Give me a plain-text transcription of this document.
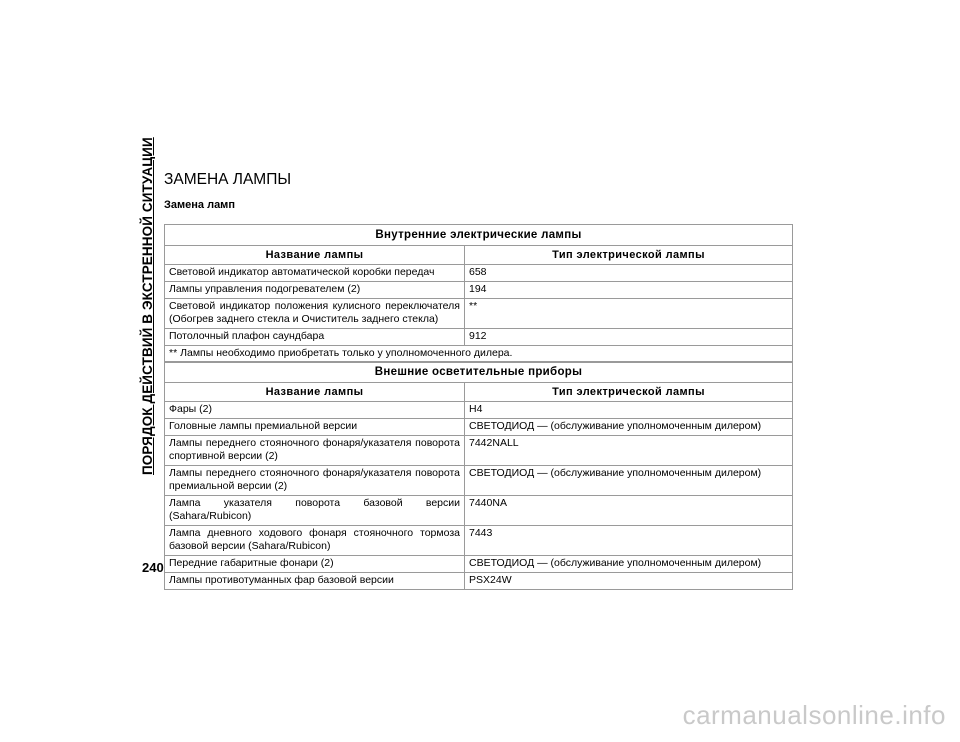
ПОРЯДОК ДЕЙСТВИЙ В ЭКСТРЕННОЙ СИТУАЦИИ
240
ЗАМЕНА ЛАМПЫ
Замена ламп
Внутренние электрические лампы	
Название лампы	Тип электрической лампы
Световой индикатор автоматической коробки передач	658
Лампы управления подогревателем (2)	194
Световой индикатор положения кулисного переключателя (Обогрев заднего стекла и Очиститель заднего стекла)	**
Потолочный плафон саундбара	912
** Лампы необходимо приобретать только у уполномоченного дилера.	
Внешние осветительные приборы	
Название лампы	Тип электрической лампы
Фары (2)	H4
Головные лампы премиальной версии	СВЕТОДИОД — (обслуживание уполномоченным дилером)
Лампы переднего стояночного фонаря/указателя поворота спортивной версии (2)	7442NALL
Лампы переднего стояночного фонаря/указателя поворота премиальной версии (2)	СВЕТОДИОД — (обслуживание уполномоченным дилером)
Лампа указателя поворота базовой версии (Sahara/Rubicon)	7440NA
Лампа дневного ходового фонаря стояночного тормоза базовой версии (Sahara/Rubicon)	7443
Передние габаритные фонари (2)	СВЕТОДИОД — (обслуживание уполномоченным дилером)
Лампы противотуманных фар базовой версии	PSX24W
carmanualsonline.info
